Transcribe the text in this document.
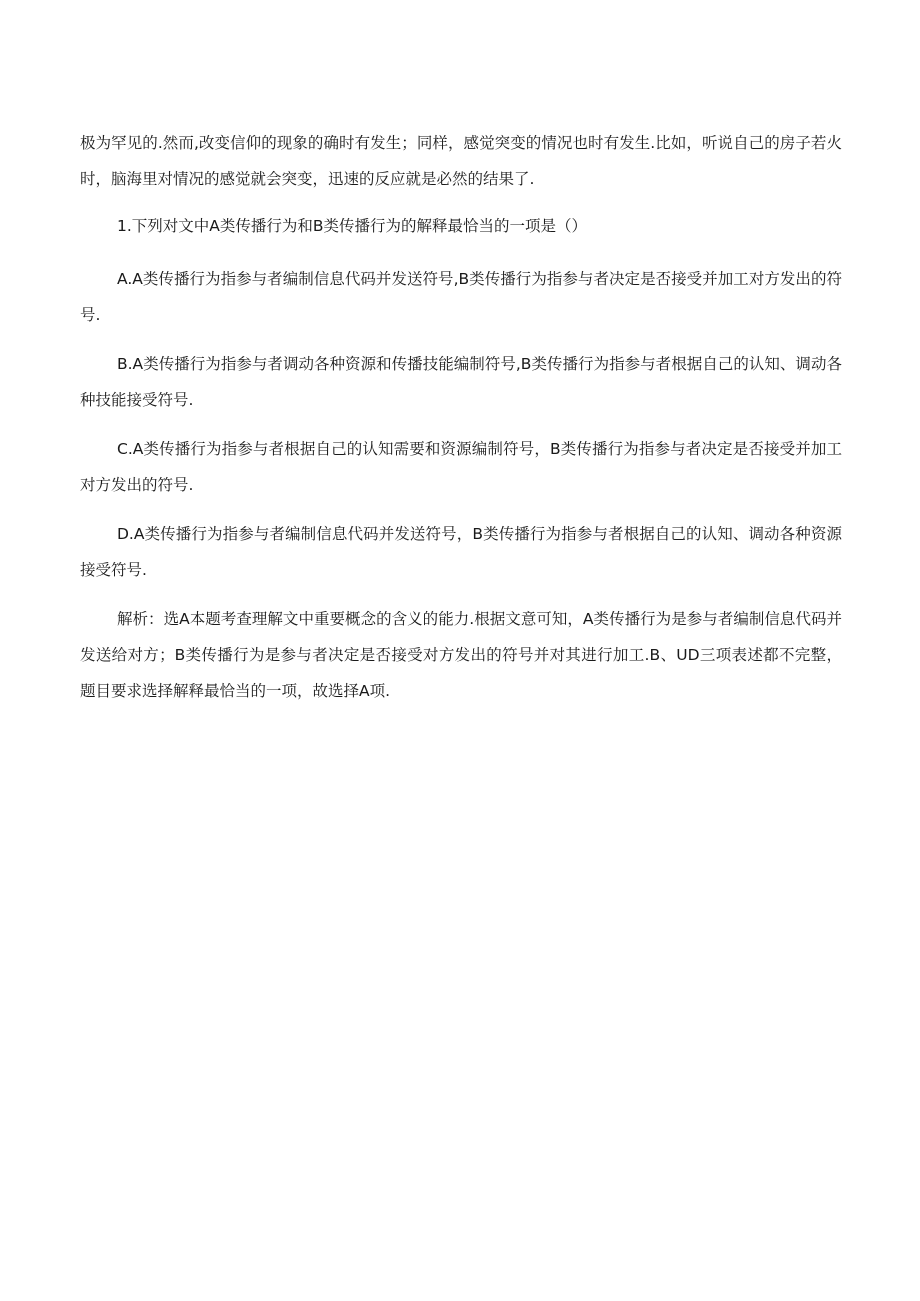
极为罕见的.然而,改变信仰的现象的确时有发生；同样，感觉突变的情况也时有发生.比如，听说自己的房子若火时，脑海里对情况的感觉就会突变，迅速的反应就是必然的结果了.

1.下列对文中A类传播行为和B类传播行为的解释最恰当的一项是（）

A.A类传播行为指参与者编制信息代码并发送符号,B类传播行为指参与者决定是否接受并加工对方发出的符号.

B.A类传播行为指参与者调动各种资源和传播技能编制符号,B类传播行为指参与者根据自己的认知、调动各种技能接受符号.

C.A类传播行为指参与者根据自己的认知需要和资源编制符号，B类传播行为指参与者决定是否接受并加工对方发出的符号.

D.A类传播行为指参与者编制信息代码并发送符号，B类传播行为指参与者根据自己的认知、调动各种资源接受符号.

解析：选A本题考查理解文中重要概念的含义的能力.根据文意可知，A类传播行为是参与者编制信息代码并发送给对方；B类传播行为是参与者决定是否接受对方发出的符号并对其进行加工.B、UD三项表述都不完整，题目要求选择解释最恰当的一项，故选择A项.
